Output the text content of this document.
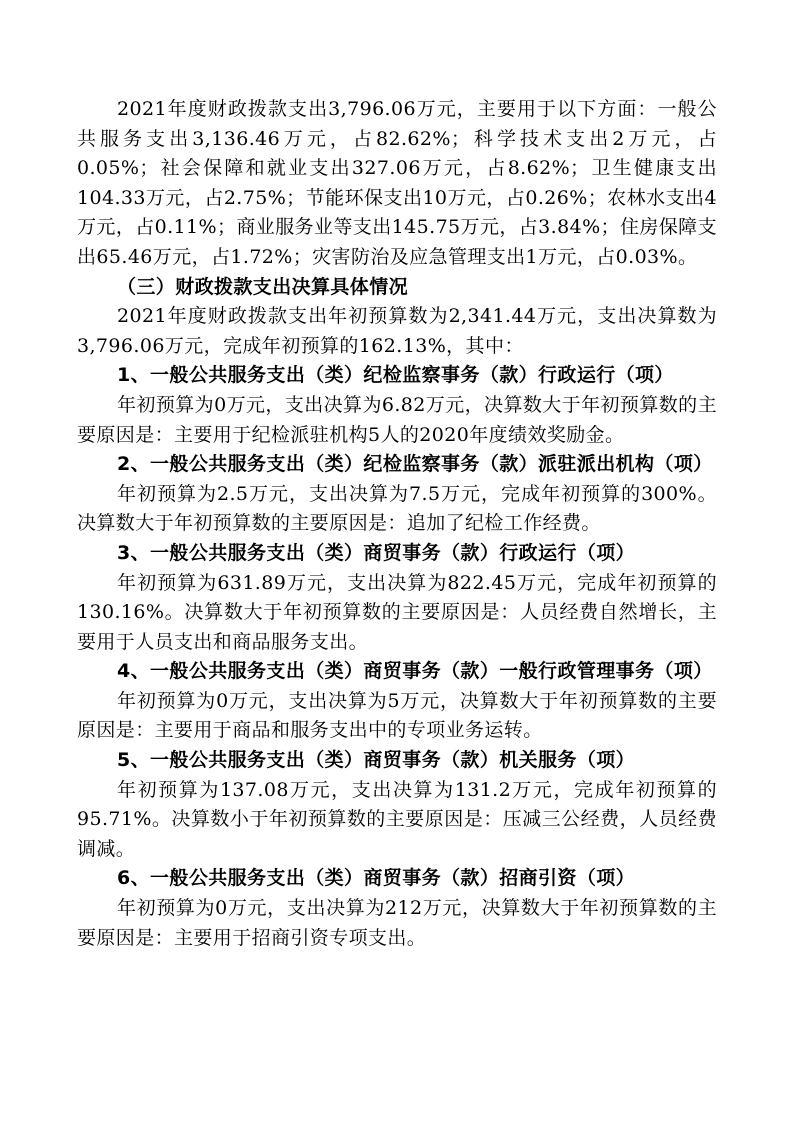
2021年度财政拨款支出3,796.06万元，主要用于以下方面：一般公共服务支出3,136.46万元，占82.62%；科学技术支出2万元，占0.05%；社会保障和就业支出327.06万元，占8.62%；卫生健康支出104.33万元，占2.75%；节能环保支出10万元，占0.26%；农林水支出4万元，占0.11%；商业服务业等支出145.75万元，占3.84%；住房保障支出65.46万元，占1.72%；灾害防治及应急管理支出1万元，占0.03%。

（三）财政拨款支出决算具体情况

2021年度财政拨款支出年初预算数为2,341.44万元，支出决算数为3,796.06万元，完成年初预算的162.13%，其中：

1、一般公共服务支出（类）纪检监察事务（款）行政运行（项）

年初预算为0万元，支出决算为6.82万元，决算数大于年初预算数的主要原因是：主要用于纪检派驻机构5人的2020年度绩效奖励金。

2、一般公共服务支出（类）纪检监察事务（款）派驻派出机构（项）

年初预算为2.5万元，支出决算为7.5万元，完成年初预算的300%。决算数大于年初预算数的主要原因是：追加了纪检工作经费。

3、一般公共服务支出（类）商贸事务（款）行政运行（项）

年初预算为631.89万元，支出决算为822.45万元，完成年初预算的130.16%。决算数大于年初预算数的主要原因是：人员经费自然增长，主要用于人员支出和商品服务支出。

4、一般公共服务支出（类）商贸事务（款）一般行政管理事务（项）

年初预算为0万元，支出决算为5万元，决算数大于年初预算数的主要原因是：主要用于商品和服务支出中的专项业务运转。

5、一般公共服务支出（类）商贸事务（款）机关服务（项）

年初预算为137.08万元，支出决算为131.2万元，完成年初预算的95.71%。决算数小于年初预算数的主要原因是：压减三公经费，人员经费调减。

6、一般公共服务支出（类）商贸事务（款）招商引资（项）

年初预算为0万元，支出决算为212万元，决算数大于年初预算数的主要原因是：主要用于招商引资专项支出。
